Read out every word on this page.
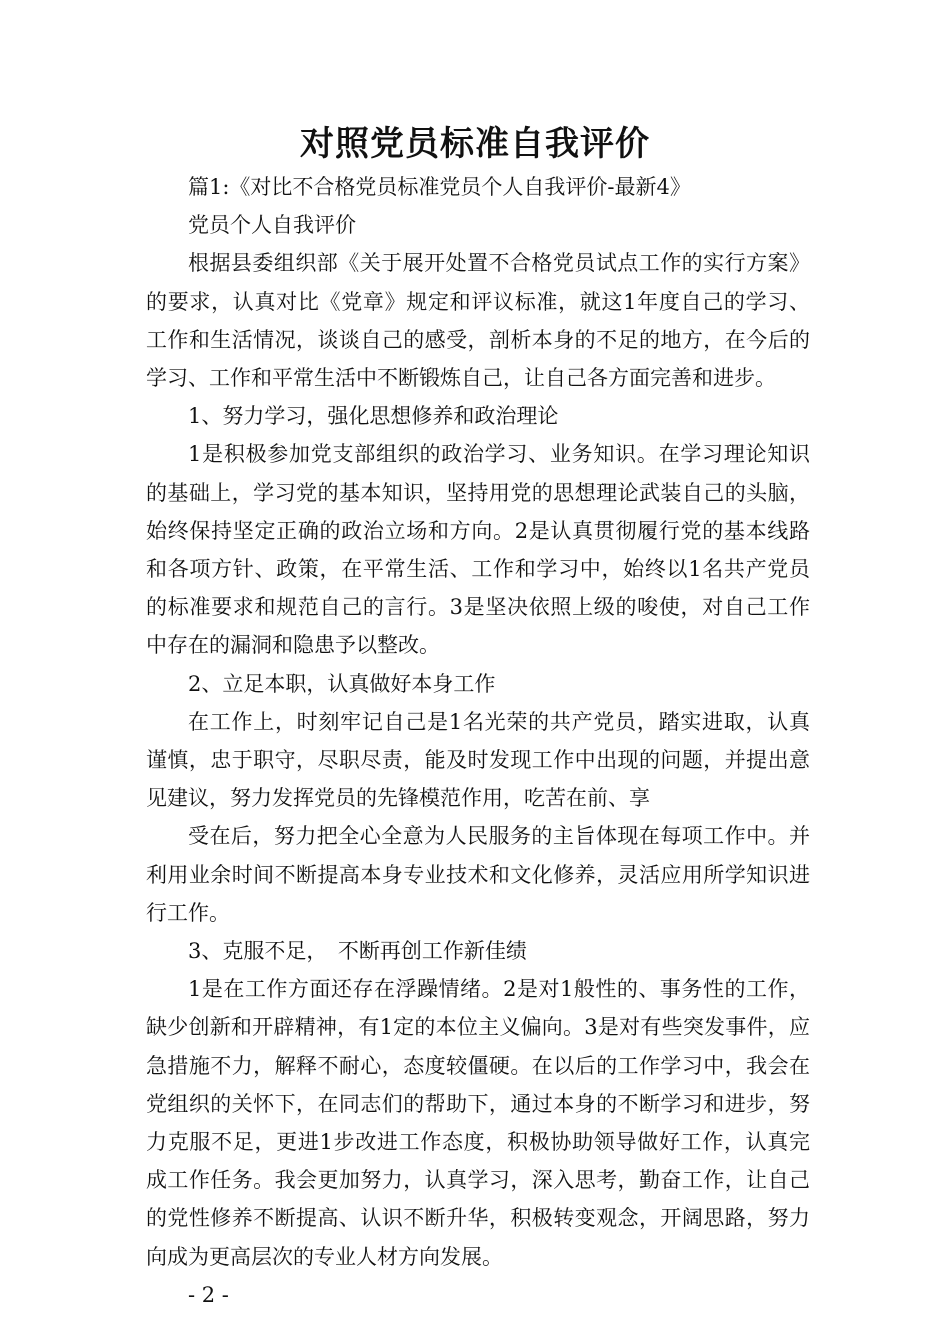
对照党员标准自我评价

篇1:《对比不合格党员标准党员个人自我评价-最新4》

党员个人自我评价

根据县委组织部《关于展开处置不合格党员试点工作的实行方案》的要求，认真对比《党章》规定和评议标准，就这1年度自己的学习、工作和生活情况，谈谈自己的感受，剖析本身的不足的地方，在今后的学习、工作和平常生活中不断锻炼自己，让自己各方面完善和进步。

1、努力学习，强化思想修养和政治理论

1是积极参加党支部组织的政治学习、业务知识。在学习理论知识的基础上，学习党的基本知识，坚持用党的思想理论武装自己的头脑，始终保持坚定正确的政治立场和方向。2是认真贯彻履行党的基本线路和各项方针、政策，在平常生活、工作和学习中，始终以1名共产党员的标准要求和规范自己的言行。3是坚决依照上级的唆使，对自己工作中存在的漏洞和隐患予以整改。

2、立足本职，认真做好本身工作

在工作上，时刻牢记自己是1名光荣的共产党员，踏实进取，认真谨慎，忠于职守，尽职尽责，能及时发现工作中出现的问题，并提出意见建议，努力发挥党员的先锋模范作用，吃苦在前、享

受在后，努力把全心全意为人民服务的主旨体现在每项工作中。并利用业余时间不断提高本身专业技术和文化修养，灵活应用所学知识进行工作。

3、克服不足，　不断再创工作新佳绩

1是在工作方面还存在浮躁情绪。2是对1般性的、事务性的工作，缺少创新和开辟精神，有1定的本位主义偏向。3是对有些突发事件，应急措施不力，解释不耐心，态度较僵硬。在以后的工作学习中，我会在党组织的关怀下，在同志们的帮助下，通过本身的不断学习和进步，努力克服不足，更进1步改进工作态度，积极协助领导做好工作，认真完成工作任务。我会更加努力，认真学习，深入思考，勤奋工作，让自己的党性修养不断提高、认识不断升华，积极转变观念，开阔思路，努力向成为更高层次的专业人材方向发展。

- 2 -
